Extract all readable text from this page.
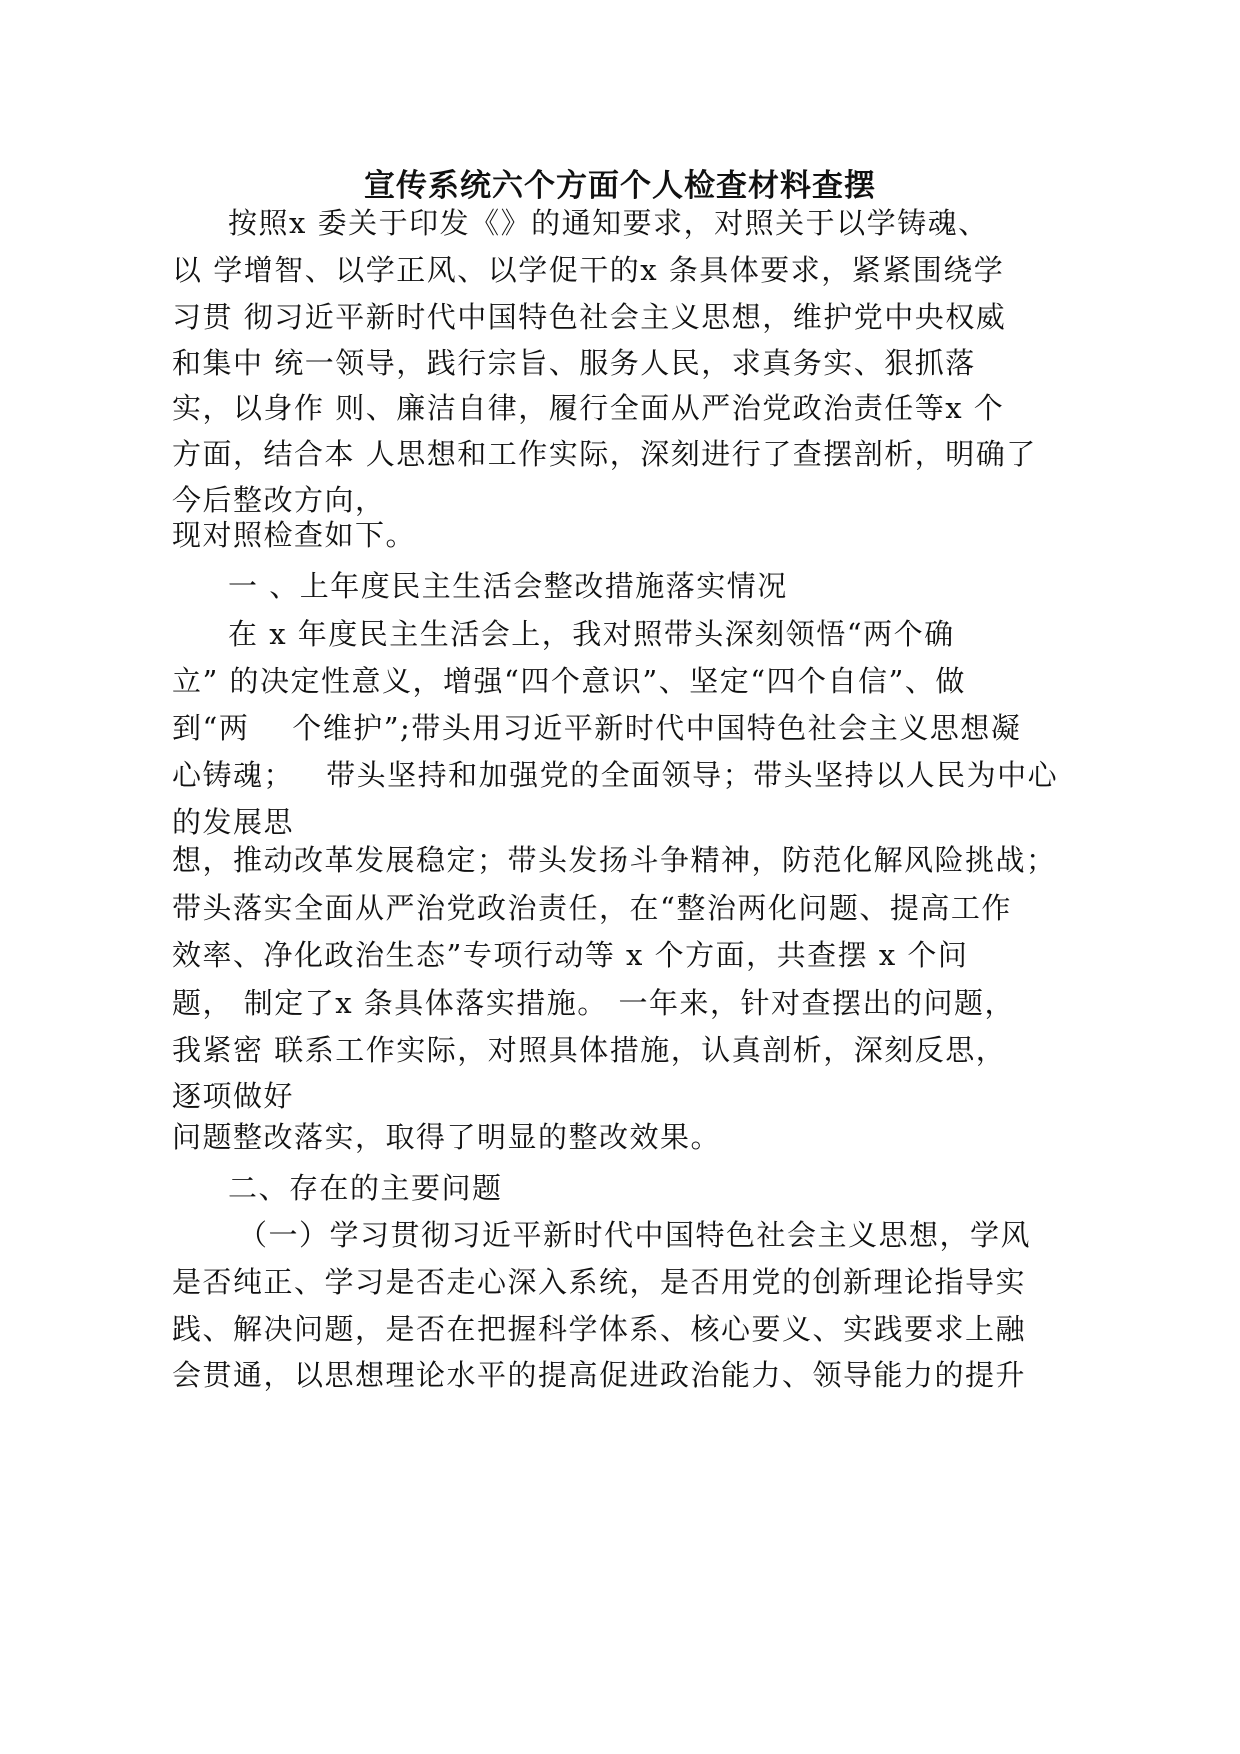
宣传系统六个方面个人检查材料查摆
按照x 委关于印发《》的通知要求，对照关于以学铸魂、
以 学增智、以学正风、以学促干的x 条具体要求，紧紧围绕学
习贯 彻习近平新时代中国特色社会主义思想，维护党中央权威
和集中 统一领导，践行宗旨、服务人民，求真务实、狠抓落
实，以身作 则、廉洁自律，履行全面从严治党政治责任等x 个
方面，结合本 人思想和工作实际，深刻进行了查摆剖析，明确了
今后整改方向，
现对照检查如下。
一 、上年度民主生活会整改措施落实情况
在 x 年度民主生活会上，我对照带头深刻领悟“两个确
立” 的决定性意义，增强“四个意识”、坚定“四个自信”、做
到“两    个维护”;带头用习近平新时代中国特色社会主义思想凝
心铸魂；   带头坚持和加强党的全面领导；带头坚持以人民为中心
的发展思
想，推动改革发展稳定；带头发扬斗争精神，防范化解风险挑战；
带头落实全面从严治党政治责任，在“整治两化问题、提高工作
效率、净化政治生态”专项行动等 x 个方面，共查摆 x 个问
题， 制定了x 条具体落实措施。 一年来，针对查摆出的问题，
我紧密 联系工作实际，对照具体措施，认真剖析，深刻反思，
逐项做好
问题整改落实，取得了明显的整改效果。
二、存在的主要问题
（一）学习贯彻习近平新时代中国特色社会主义思想，学风
是否纯正、学习是否走心深入系统，是否用党的创新理论指导实
践、解决问题，是否在把握科学体系、核心要义、实践要求上融
会贯通，以思想理论水平的提高促进政治能力、领导能力的提升
